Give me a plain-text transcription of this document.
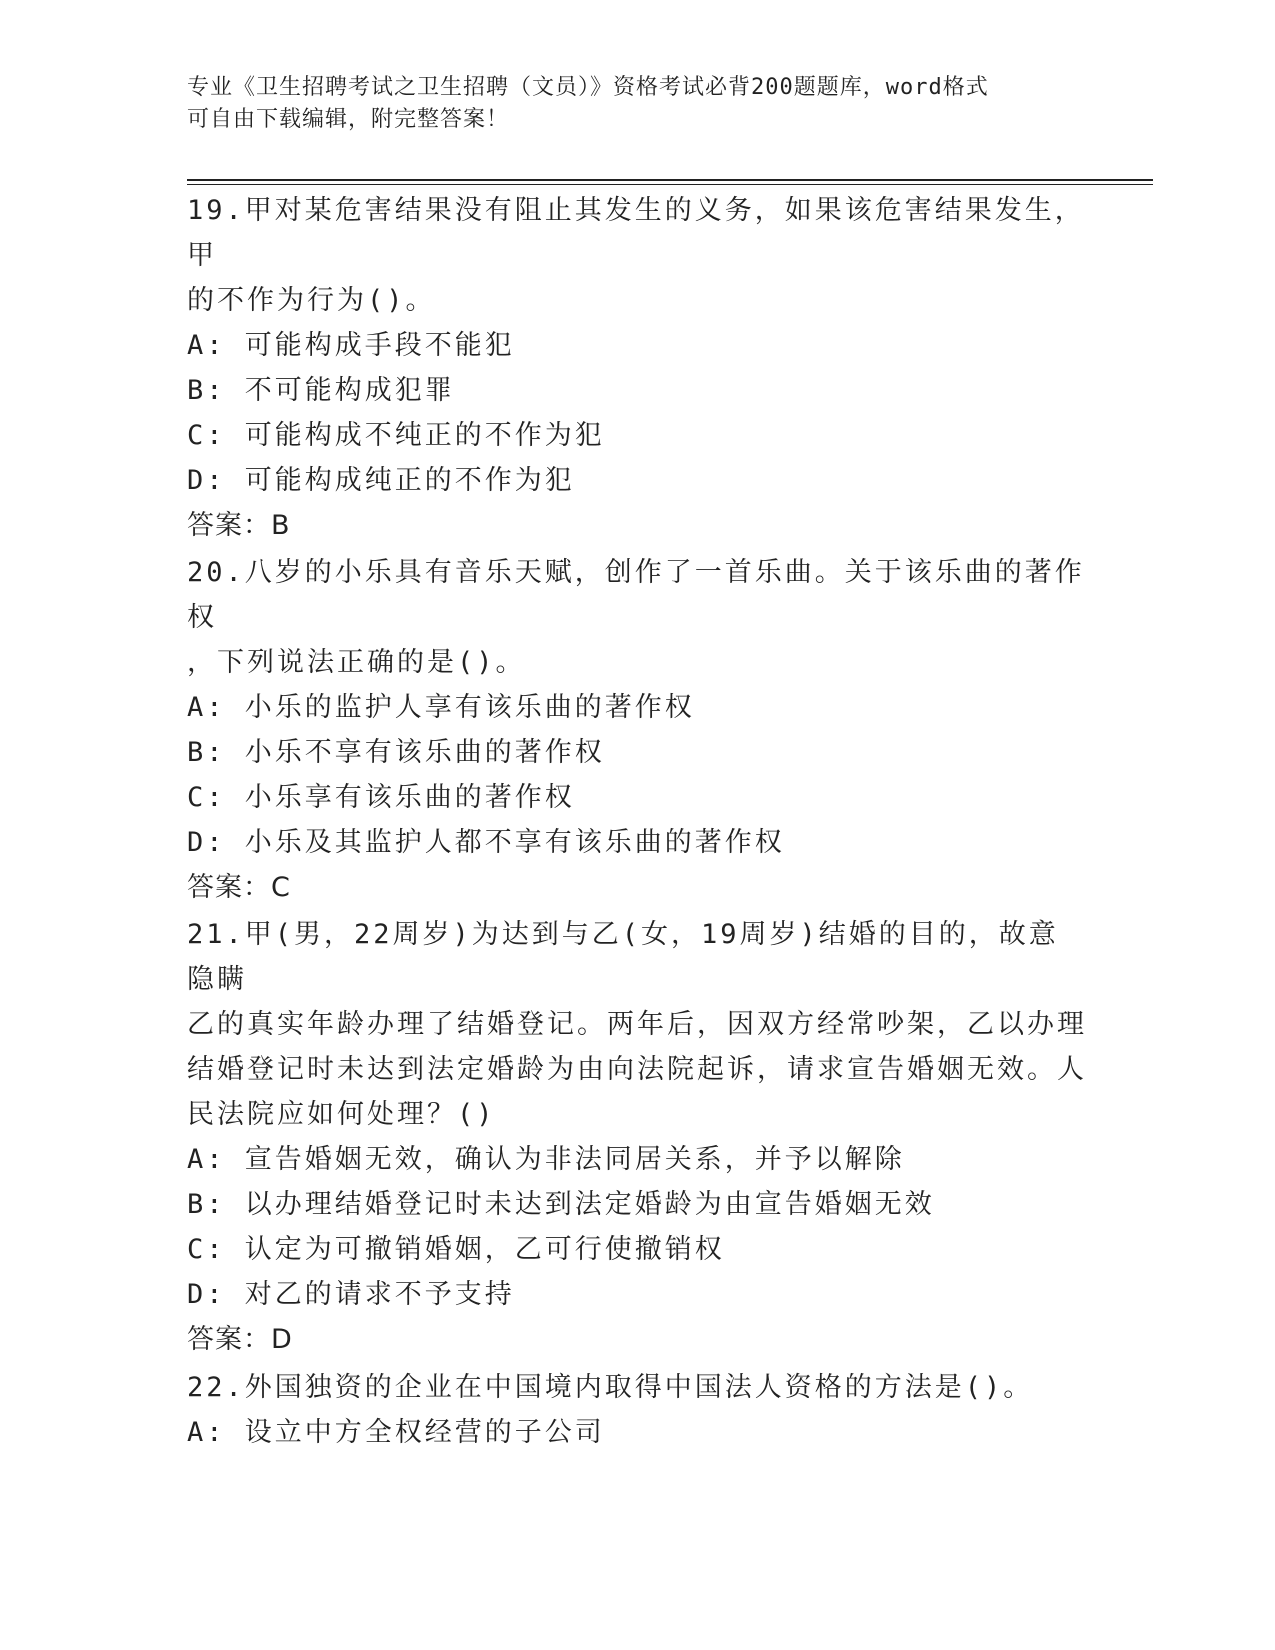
专业《卫生招聘考试之卫生招聘（文员）》资格考试必背200题题库，word格式
可自由下载编辑，附完整答案！
19.甲对某危害结果没有阻止其发生的义务，如果该危害结果发生，甲
的不作为行为()。
A: 可能构成手段不能犯
B: 不可能构成犯罪
C: 可能构成不纯正的不作为犯
D: 可能构成纯正的不作为犯
答案：B
20.八岁的小乐具有音乐天赋，创作了一首乐曲。关于该乐曲的著作权
，下列说法正确的是()。
A: 小乐的监护人享有该乐曲的著作权
B: 小乐不享有该乐曲的著作权
C: 小乐享有该乐曲的著作权
D: 小乐及其监护人都不享有该乐曲的著作权
答案：C
21.甲(男，22周岁)为达到与乙(女，19周岁)结婚的目的，故意隐瞒
乙的真实年龄办理了结婚登记。两年后，因双方经常吵架，乙以办理
结婚登记时未达到法定婚龄为由向法院起诉，请求宣告婚姻无效。人
民法院应如何处理？()
A: 宣告婚姻无效，确认为非法同居关系，并予以解除
B: 以办理结婚登记时未达到法定婚龄为由宣告婚姻无效
C: 认定为可撤销婚姻，乙可行使撤销权
D: 对乙的请求不予支持
答案：D
22.外国独资的企业在中国境内取得中国法人资格的方法是()。
A: 设立中方全权经营的子公司
